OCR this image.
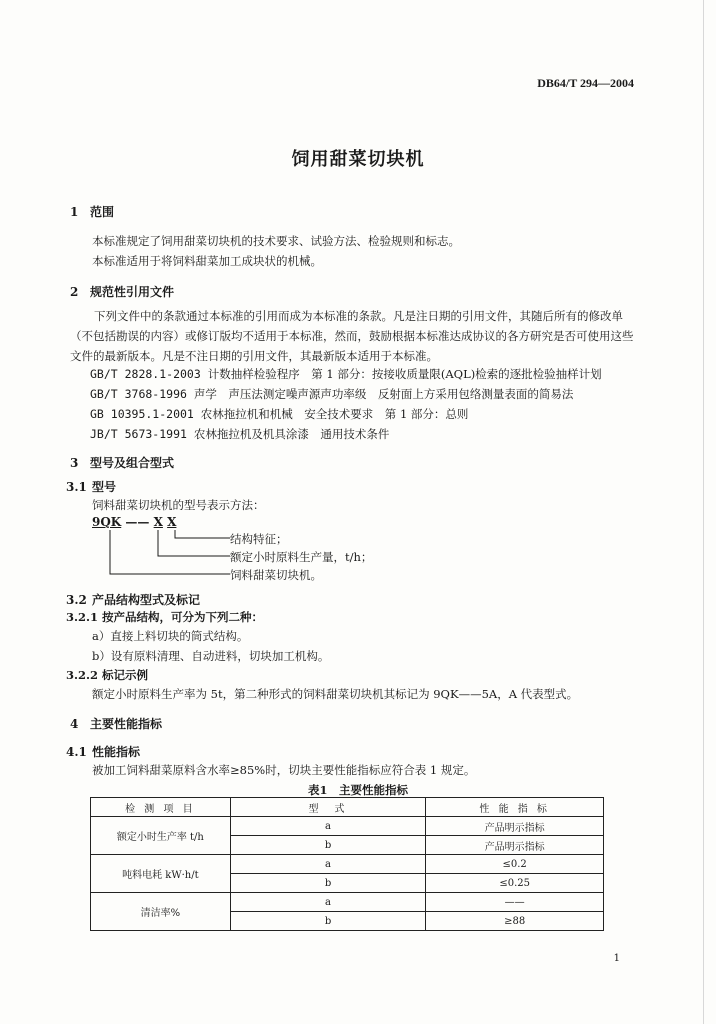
DB64/T 294—2004
饲用甜菜切块机
1 范围
本标准规定了饲用甜菜切块机的技术要求、试验方法、检验规则和标志。
本标准适用于将饲料甜菜加工成块状的机械。
2 规范性引用文件
下列文件中的条款通过本标准的引用而成为本标准的条款。凡是注日期的引用文件，其随后所有的修改单（不包括勘误的内容）或修订版均不适用于本标准，然而，鼓励根据本标准达成协议的各方研究是否可使用这些文件的最新版本。凡是不注日期的引用文件，其最新版本适用于本标准。
GB/T 2828.1-2003 计数抽样检验程序　第 1 部分：按接收质量限(AQL)检索的逐批检验抽样计划
GB/T 3768-1996 声学　声压法测定噪声源声功率级　反射面上方采用包络测量表面的简易法
GB 10395.1-2001 农林拖拉机和机械　安全技术要求　第 1 部分：总则
JB/T 5673-1991 农林拖拉机及机具涂漆　通用技术条件
3 型号及组合型式
3.1 型号
饲料甜菜切块机的型号表示方法：
9QK —— X X
结构特征；
额定小时原料生产量，t/h；
饲料甜菜切块机。
3.2 产品结构型式及标记
3.2.1 按产品结构，可分为下列二种：
a）直接上料切块的筒式结构。
b）设有原料清理、自动进料，切块加工机构。
3.2.2 标记示例
额定小时原料生产率为 5t，第二种形式的饲料甜菜切块机其标记为 9QK——5A，A 代表型式。
4 主要性能指标
4.1 性能指标
被加工饲料甜菜原料含水率≥85%时，切块主要性能指标应符合表 1 规定。
表1　主要性能指标
检 测 项 目	型　式	性 能 指 标
额定小时生产率 t/h	a	产品明示指标
	b	产品明示指标
吨料电耗 kW·h/t	a	≤0.2
	b	≤0.25
清洁率%	a	——
	b	≥88
1
